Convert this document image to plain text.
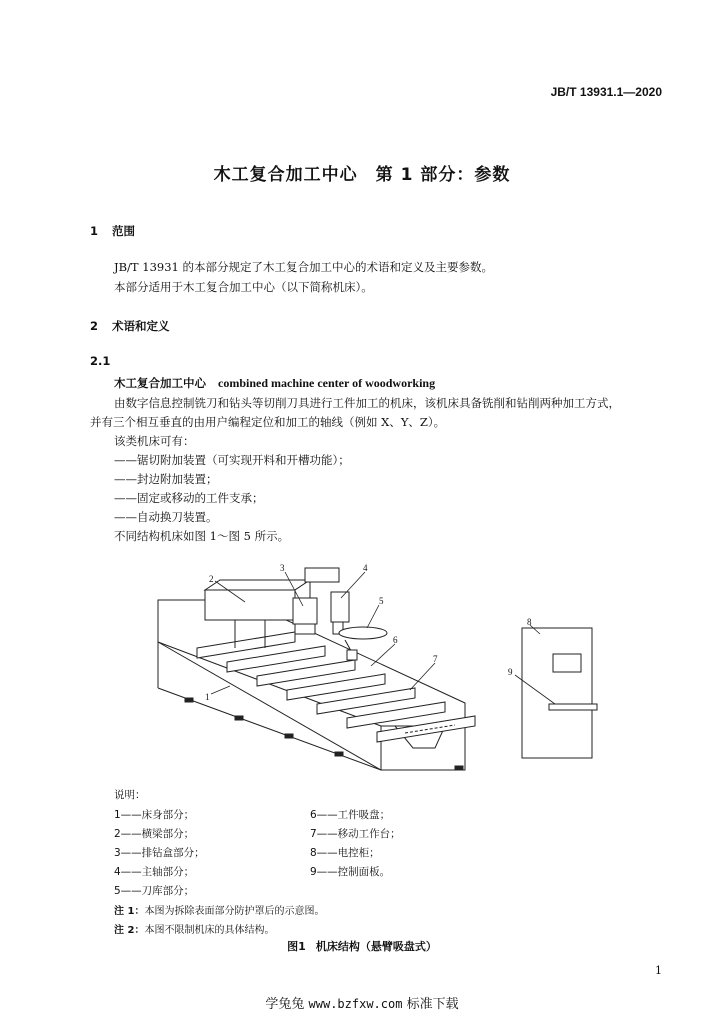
JB/T 13931.1—2020
木工复合加工中心　第 1 部分：参数
1 范围
JB/T 13931 的本部分规定了木工复合加工中心的术语和定义及主要参数。
本部分适用于木工复合加工中心（以下简称机床）。
2 术语和定义
2.1
木工复合加工中心 combined machine center of woodworking
由数字信息控制铣刀和钻头等切削刀具进行工件加工的机床，该机床具备铣削和钻削两种加工方式，
并有三个相互垂直的由用户编程定位和加工的轴线（例如 X、Y、Z）。
该类机床可有：
——锯切附加装置（可实现开料和开槽功能）；
——封边附加装置；
——固定或移动的工件支承；
——自动换刀装置。
不同结构机床如图 1～图 5 所示。
1
2
3	4
5
6
7
8
9
说明：
1——床身部分；
2——横梁部分；
3——排钻盒部分；
4——主轴部分；
5——刀库部分；
6——工件吸盘；
7——移动工作台；
8——电控柜；
9——控制面板。
注 1：本图为拆除表面部分防护罩后的示意图。
注 2：本图不限制机床的具体结构。
图1 机床结构（悬臂吸盘式）
1
学兔兔 www.bzfxw.com 标准下载
